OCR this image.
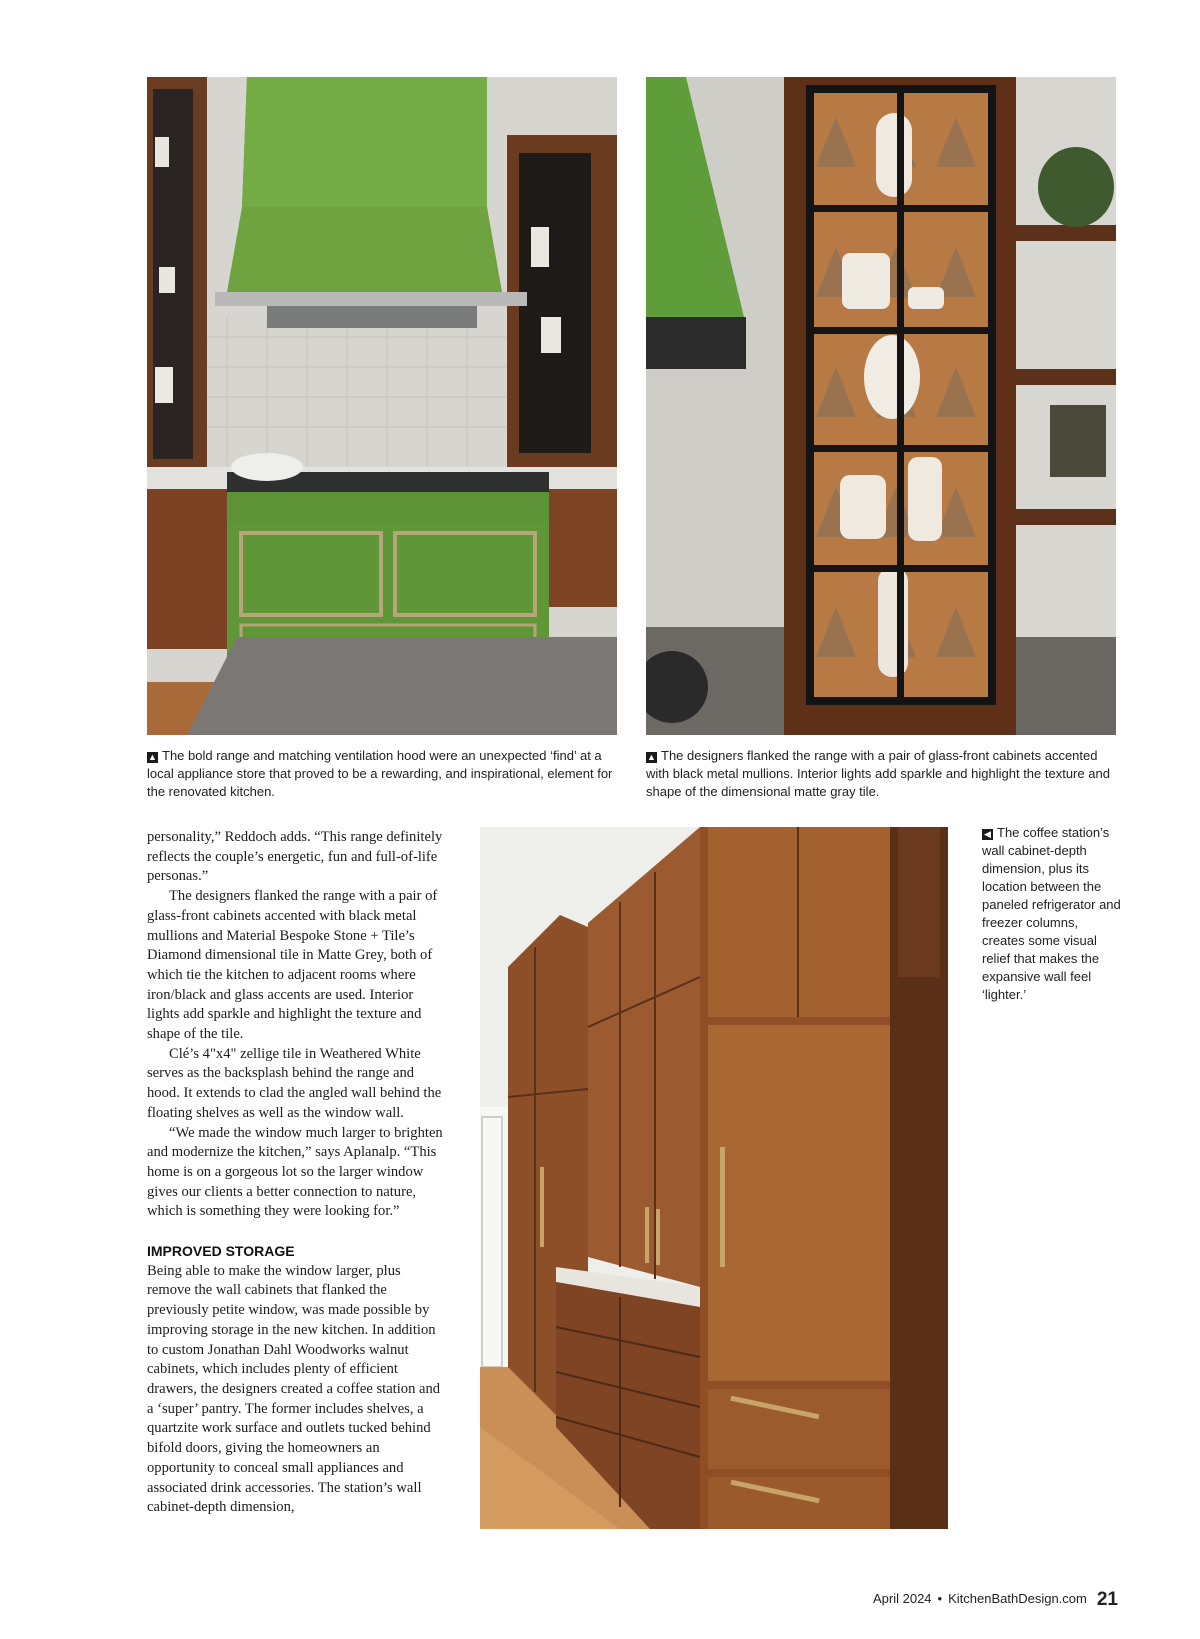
▲ The bold range and matching ventilation hood were an unexpected ‘find’ at a local appliance store that proved to be a rewarding, and inspirational, element for the renovated kitchen.
▲ The designers flanked the range with a pair of glass-front cabinets accented with black metal mullions. Interior lights add sparkle and highlight the texture and shape of the dimensional matte gray tile.

personality,” Reddoch adds. “This range definitely reflects the couple’s energetic, fun and full-of-life personas.”

The designers flanked the range with a pair of glass-front cabinets accented with black metal mullions and Material Bespoke Stone + Tile’s Diamond dimensional tile in Matte Grey, both of which tie the kitchen to adjacent rooms where iron/black and glass accents are used. Interior lights add sparkle and highlight the texture and shape of the tile.

Clé’s 4"x4" zellige tile in Weathered White serves as the backsplash behind the range and hood. It extends to clad the angled wall behind the floating shelves as well as the window wall.

“We made the window much larger to brighten and modernize the kitchen,” says Aplanalp. “This home is on a gorgeous lot so the larger window gives our clients a better connection to nature, which is something they were looking for.”

IMPROVED STORAGE

Being able to make the window larger, plus remove the wall cabinets that flanked the previously petite window, was made possible by improving storage in the new kitchen. In addition to custom Jonathan Dahl Woodworks walnut cabinets, which includes plenty of efficient drawers, the designers created a coffee station and a ‘super’ pantry. The former includes shelves, a quartzite work surface and outlets tucked behind bifold doors, giving the homeowners an opportunity to conceal small appliances and associated drink accessories. The station’s wall cabinet-depth dimension,

◀ The coffee station’s wall cabinet-depth dimension, plus its location between the paneled refrigerator and freezer columns, creates some visual relief that makes the expansive wall feel ‘lighter.’
April 2024 • KitchenBathDesign.com 21
